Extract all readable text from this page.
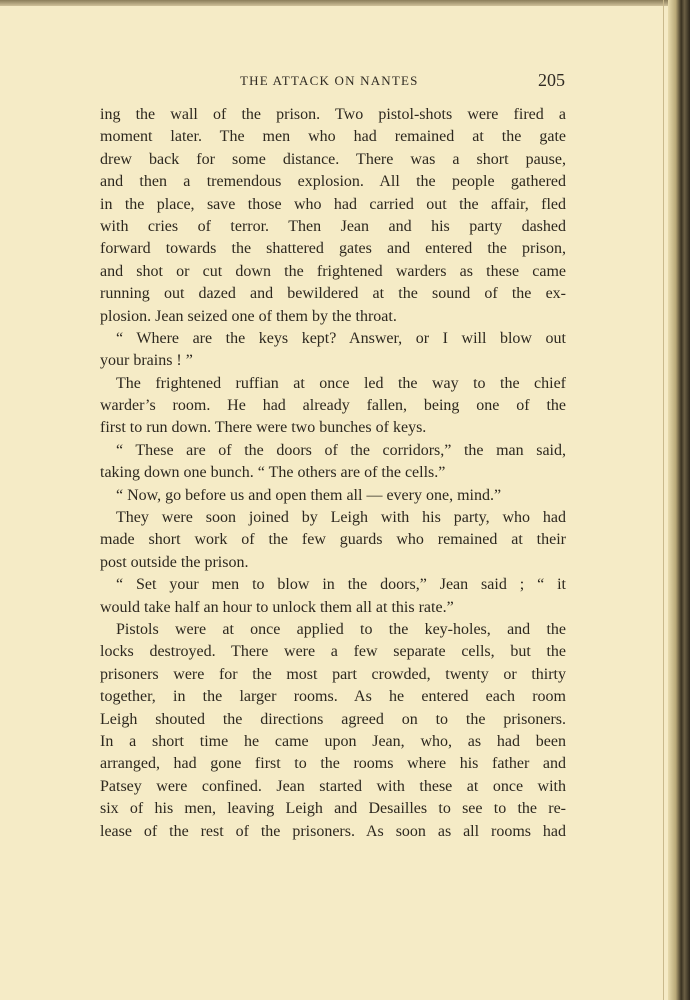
THE ATTACK ON NANTES	205
ing the wall of the prison. Two pistol-shots were fired a
moment later. The men who had remained at the gate
drew back for some distance. There was a short pause,
and then a tremendous explosion. All the people gathered
in the place, save those who had carried out the affair, fled
with cries of terror. Then Jean and his party dashed
forward towards the shattered gates and entered the prison,
and shot or cut down the frightened warders as these came
running out dazed and bewildered at the sound of the ex-
plosion. Jean seized one of them by the throat.
“ Where are the keys kept? Answer, or I will blow out
your brains ! ”
The frightened ruffian at once led the way to the chief
warder’s room. He had already fallen, being one of the
first to run down. There were two bunches of keys.
“ These are of the doors of the corridors,” the man said,
taking down one bunch. “ The others are of the cells.”
“ Now, go before us and open them all — every one, mind.”
They were soon joined by Leigh with his party, who had
made short work of the few guards who remained at their
post outside the prison.
“ Set your men to blow in the doors,” Jean said ; “ it
would take half an hour to unlock them all at this rate.”
Pistols were at once applied to the key-holes, and the
locks destroyed. There were a few separate cells, but the
prisoners were for the most part crowded, twenty or thirty
together, in the larger rooms. As he entered each room
Leigh shouted the directions agreed on to the prisoners.
In a short time he came upon Jean, who, as had been
arranged, had gone first to the rooms where his father and
Patsey were confined. Jean started with these at once with
six of his men, leaving Leigh and Desailles to see to the re-
lease of the rest of the prisoners. As soon as all rooms had
